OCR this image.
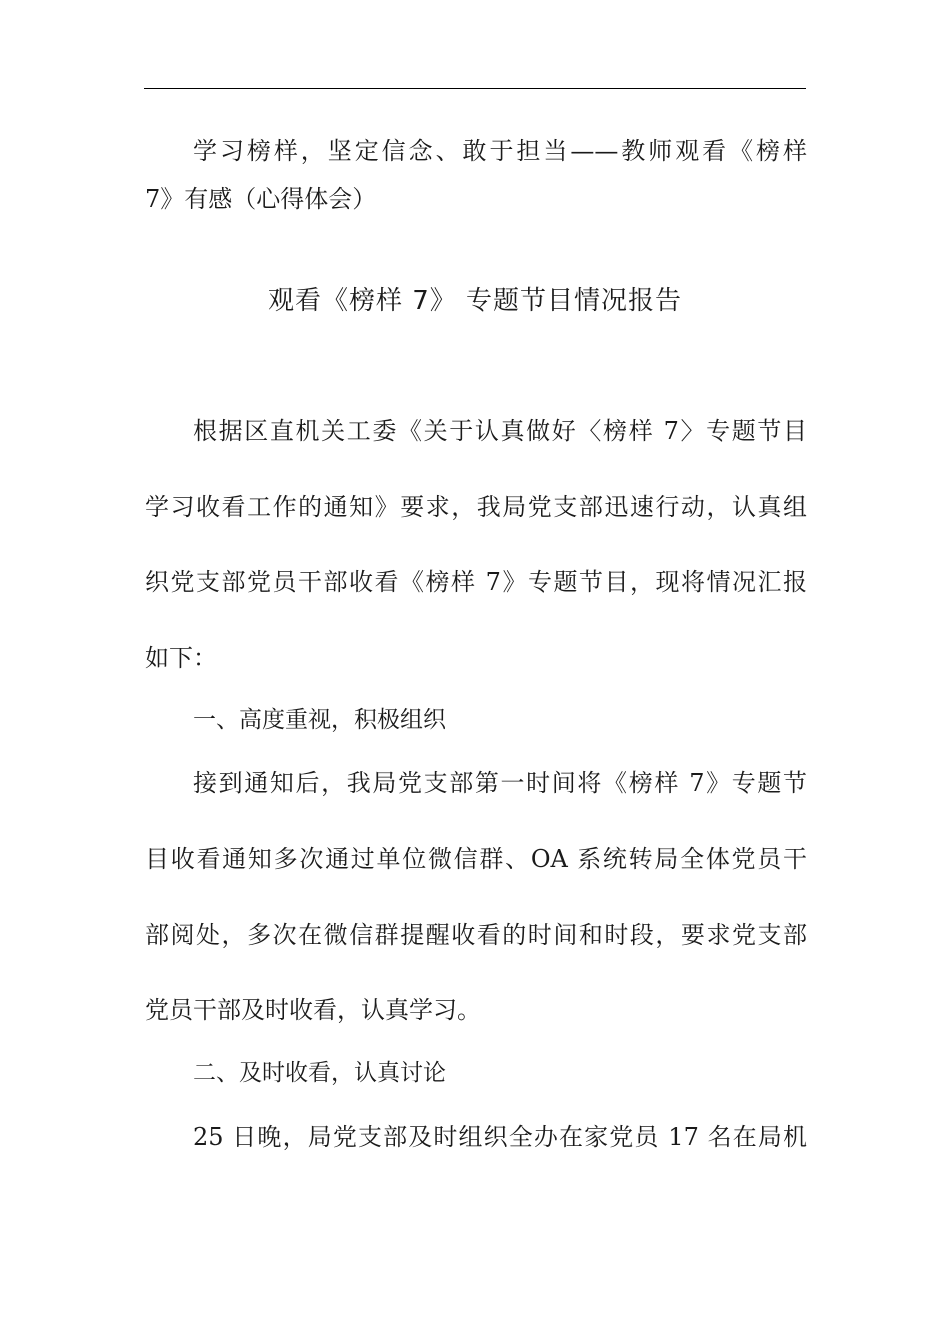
学习榜样，坚定信念、敢于担当——教师观看《榜样
7》有感（心得体会）
观看《榜样 7》 专题节目情况报告
根据区直机关工委《关于认真做好〈榜样 7〉专题节目
学习收看工作的通知》要求，我局党支部迅速行动，认真组
织党支部党员干部收看《榜样 7》专题节目，现将情况汇报
如下：
一、高度重视，积极组织
接到通知后，我局党支部第一时间将《榜样 7》专题节
目收看通知多次通过单位微信群、OA 系统转局全体党员干
部阅处，多次在微信群提醒收看的时间和时段，要求党支部
党员干部及时收看，认真学习。
二、及时收看，认真讨论
25 日晚，局党支部及时组织全办在家党员 17 名在局机
